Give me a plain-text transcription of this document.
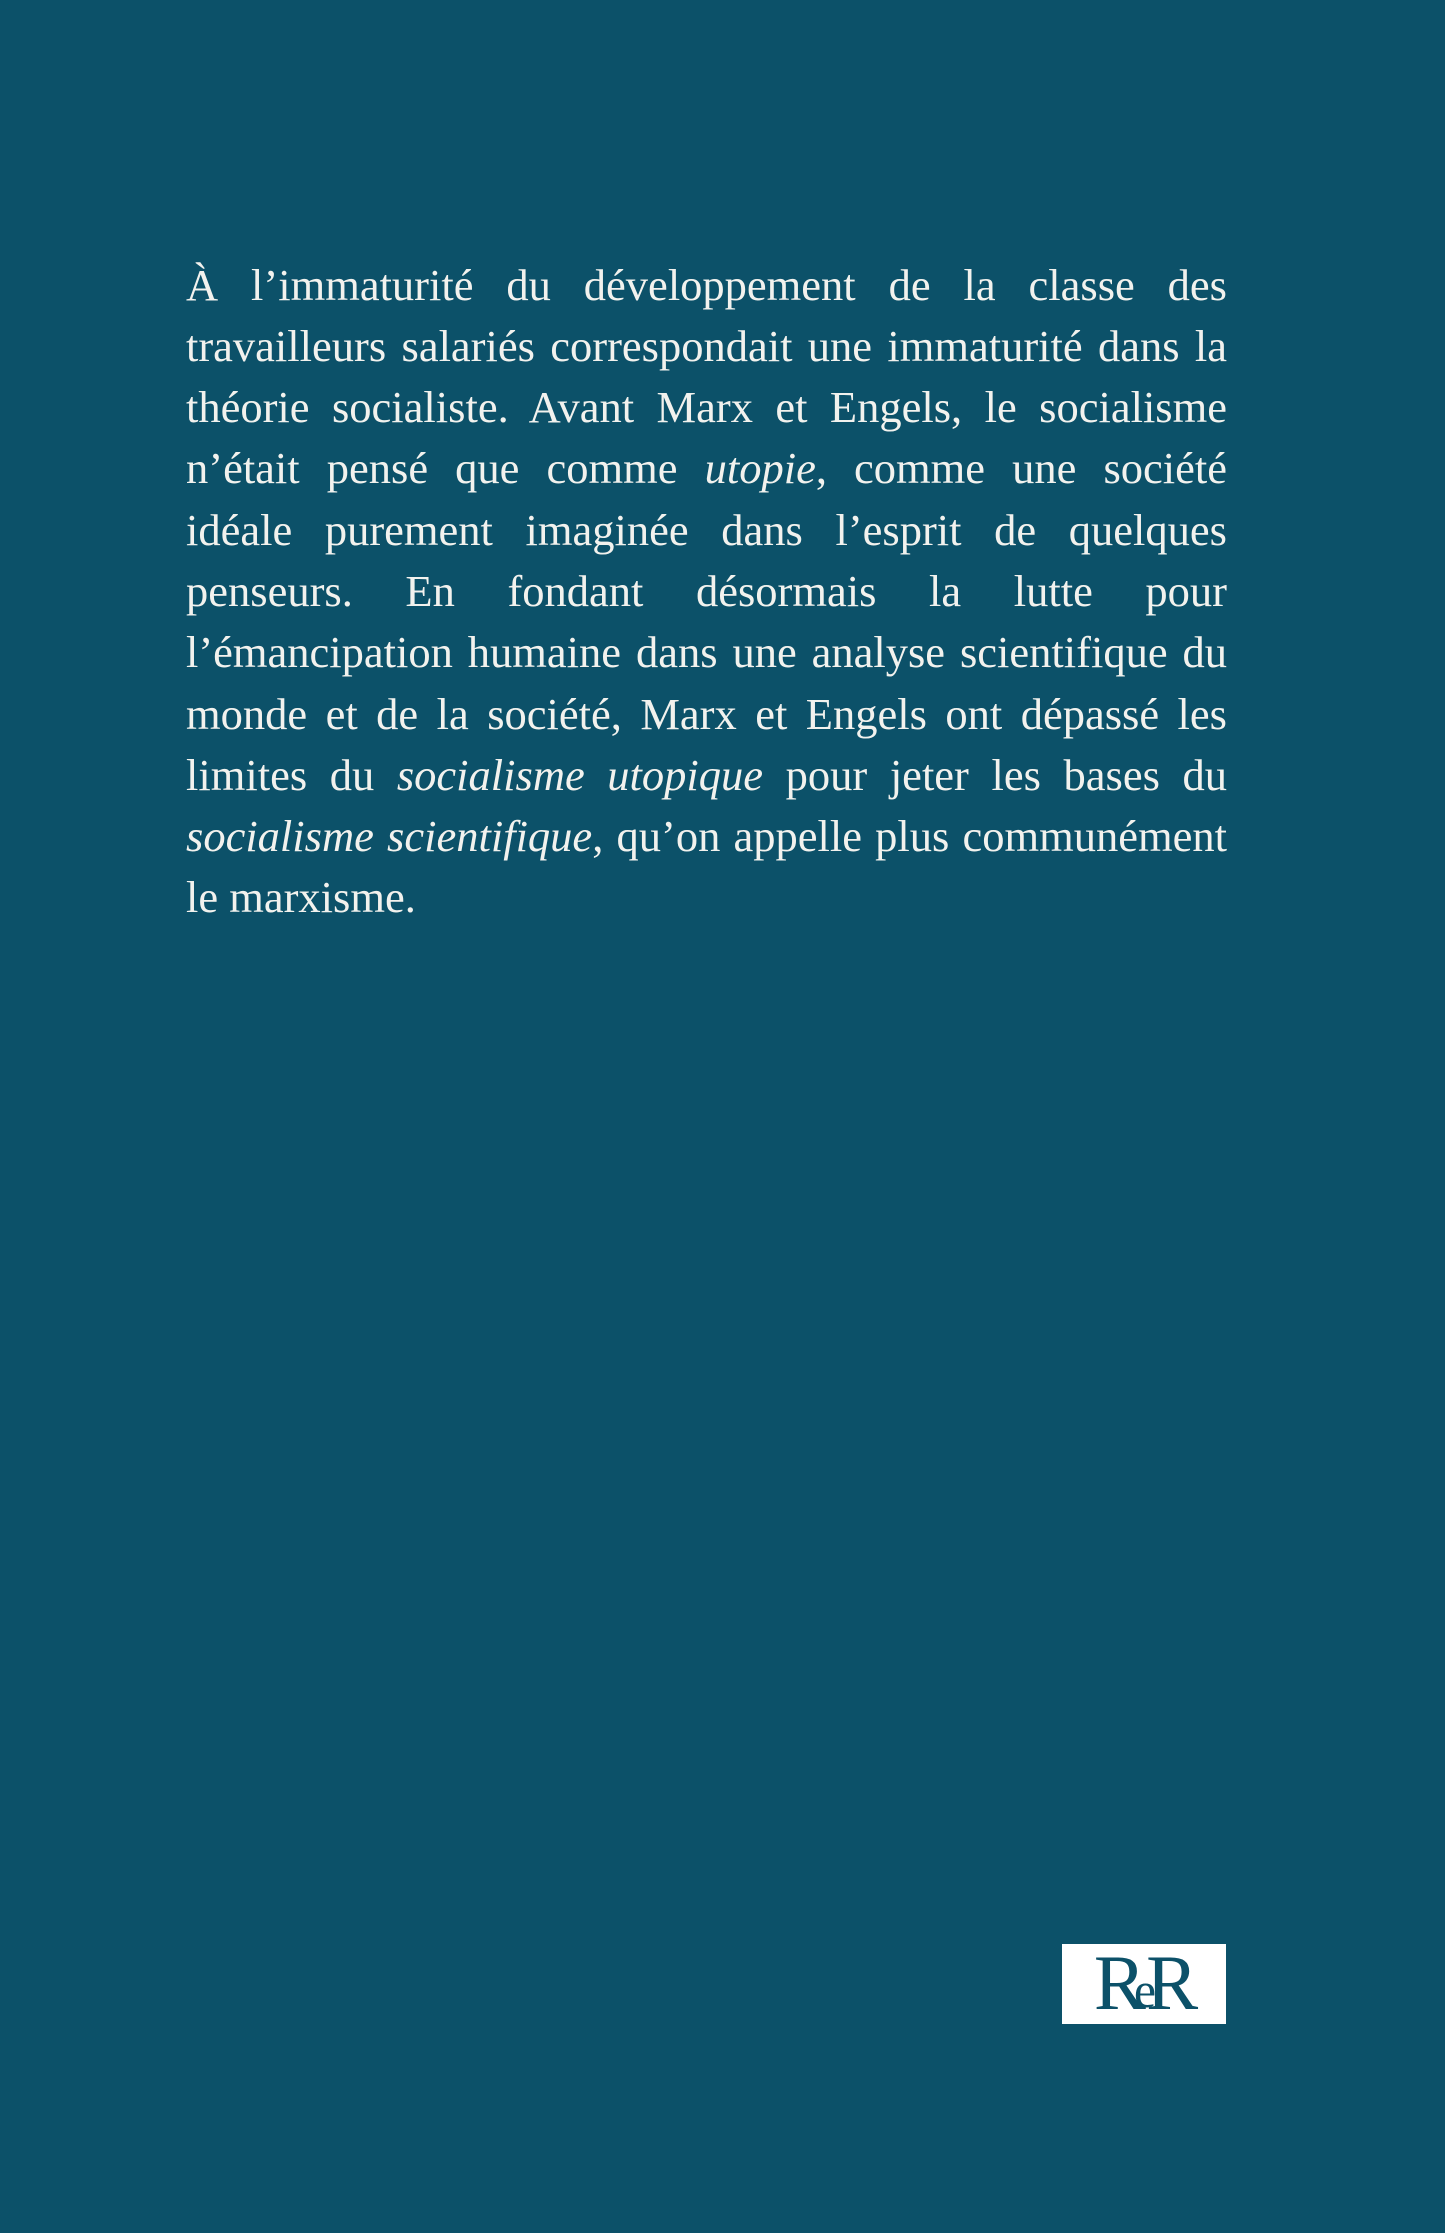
À l’immaturité du développement de la classe des travailleurs salariés correspondait une immaturité dans la théorie socialiste. Avant Marx et Engels, le socialisme n’était pensé que comme utopie, comme une société idéale purement imaginée dans l’esprit de quelques penseurs. En fondant désormais la lutte pour l’émancipation humaine dans une analyse scientifique du monde et de la société, Marx et Engels ont dépassé les limites du socialisme utopique pour jeter les bases du socialisme scientifique, qu’on appelle plus communément le marxisme.

ReR
